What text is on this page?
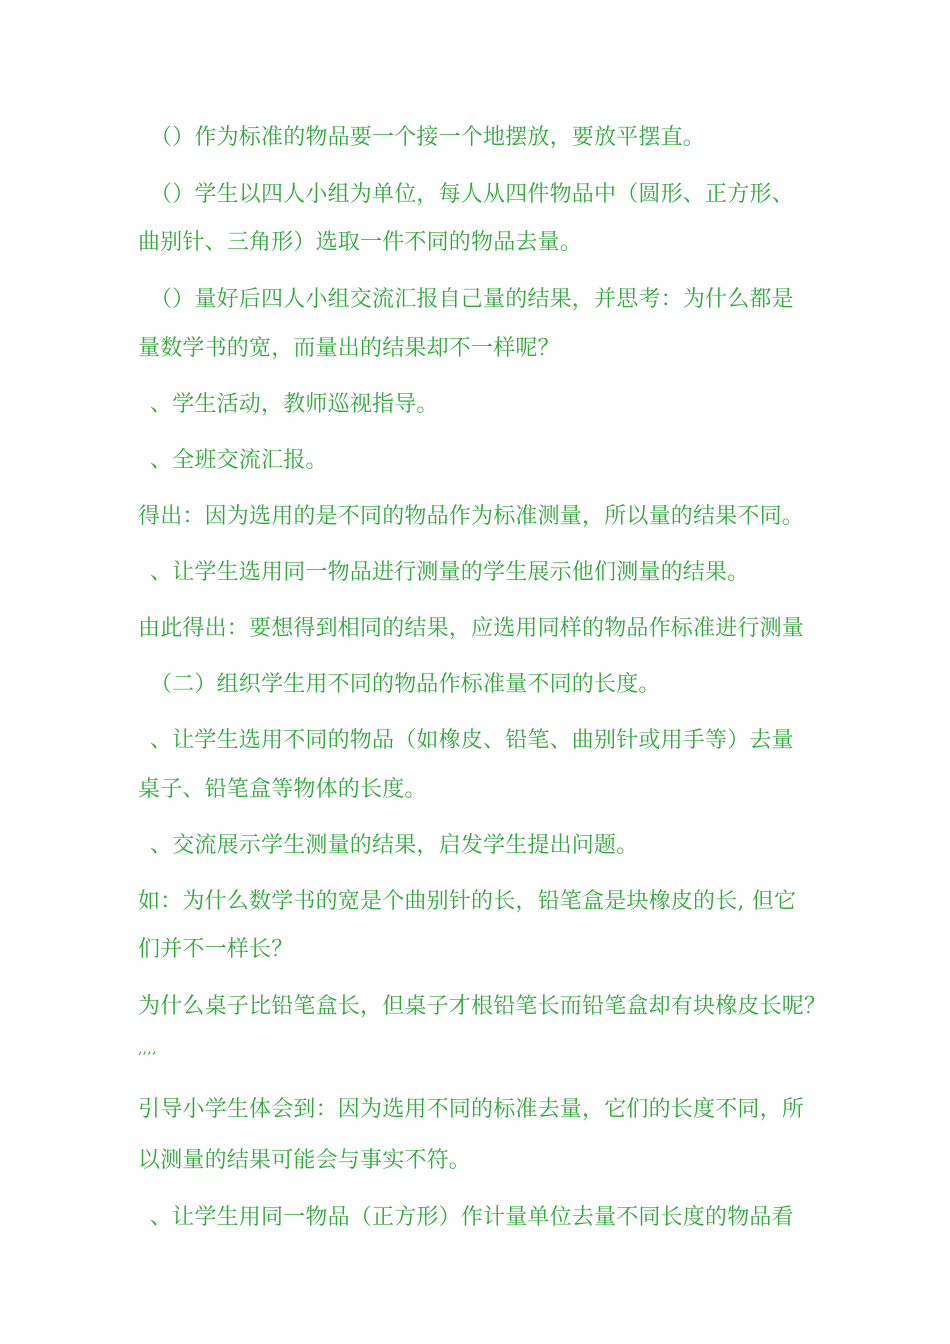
（）作为标准的物品要一个接一个地摆放，要放平摆直。
（）学生以四人小组为单位，每人从四件物品中（圆形、正方形、
曲别针、三角形）选取一件不同的物品去量。
（）量好后四人小组交流汇报自己量的结果，并思考：为什么都是
量数学书的宽，而量出的结果却不一样呢？
、学生活动，教师巡视指导。
、全班交流汇报。
得出：因为选用的是不同的物品作为标准测量，所以量的结果不同。
、让学生选用同一物品进行测量的学生展示他们测量的结果。
由此得出：要想得到相同的结果，应选用同样的物品作标准进行测量
（二）组织学生用不同的物品作标准量不同的长度。
、让学生选用不同的物品（如橡皮、铅笔、曲别针或用手等）去量
桌子、铅笔盒等物体的长度。
、交流展示学生测量的结果，启发学生提出问题。
如：为什么数学书的宽是个曲别针的长，铅笔盒是块橡皮的长, 但它
们并不一样长？
为什么桌子比铅笔盒长，但桌子才根铅笔长而铅笔盒却有块橡皮长呢？
,,,,
引导小学生体会到：因为选用不同的标准去量，它们的长度不同，所
以测量的结果可能会与事实不符。
、让学生用同一物品（正方形）作计量单位去量不同长度的物品看
